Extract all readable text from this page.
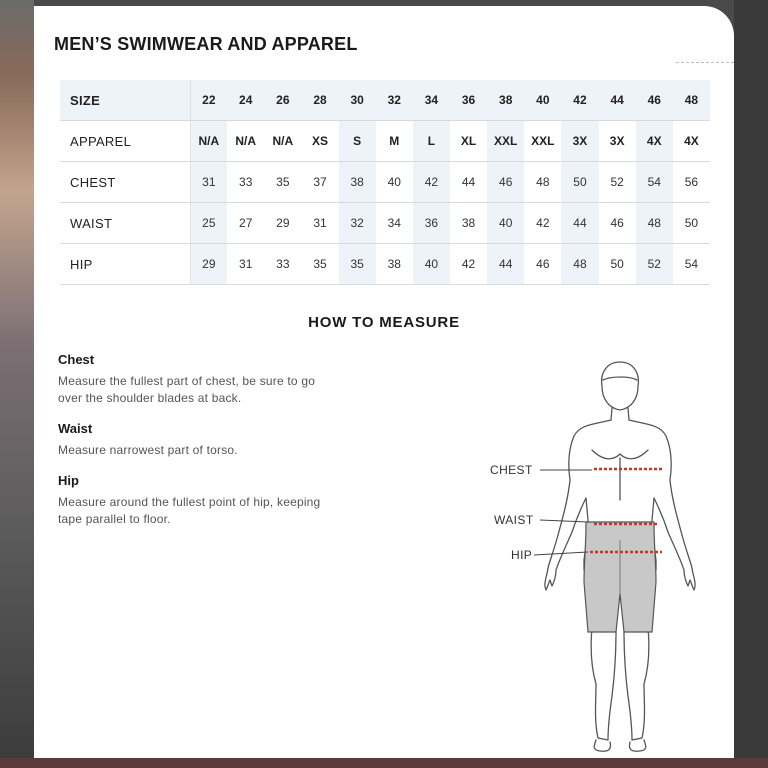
MEN’S SWIMWEAR AND APPAREL
SIZE	22	24	26	28	30	32	34	36	38	40	42	44	46	48
APPAREL	N/A	N/A	N/A	XS	S	M	L	XL	XXL	XXL	3X	3X	4X	4X
CHEST	31	33	35	37	38	40	42	44	46	48	50	52	54	56
WAIST	25	27	29	31	32	34	36	38	40	42	44	46	48	50
HIP	29	31	33	35	35	38	40	42	44	46	48	50	52	54
HOW TO MEASURE

Chest

Measure the fullest part of chest, be sure to go over the shoulder blades at back.

Waist

Measure narrowest part of torso.

Hip

Measure around the fullest point of hip, keeping tape parallel to floor.

CHEST
WAIST
HIP
